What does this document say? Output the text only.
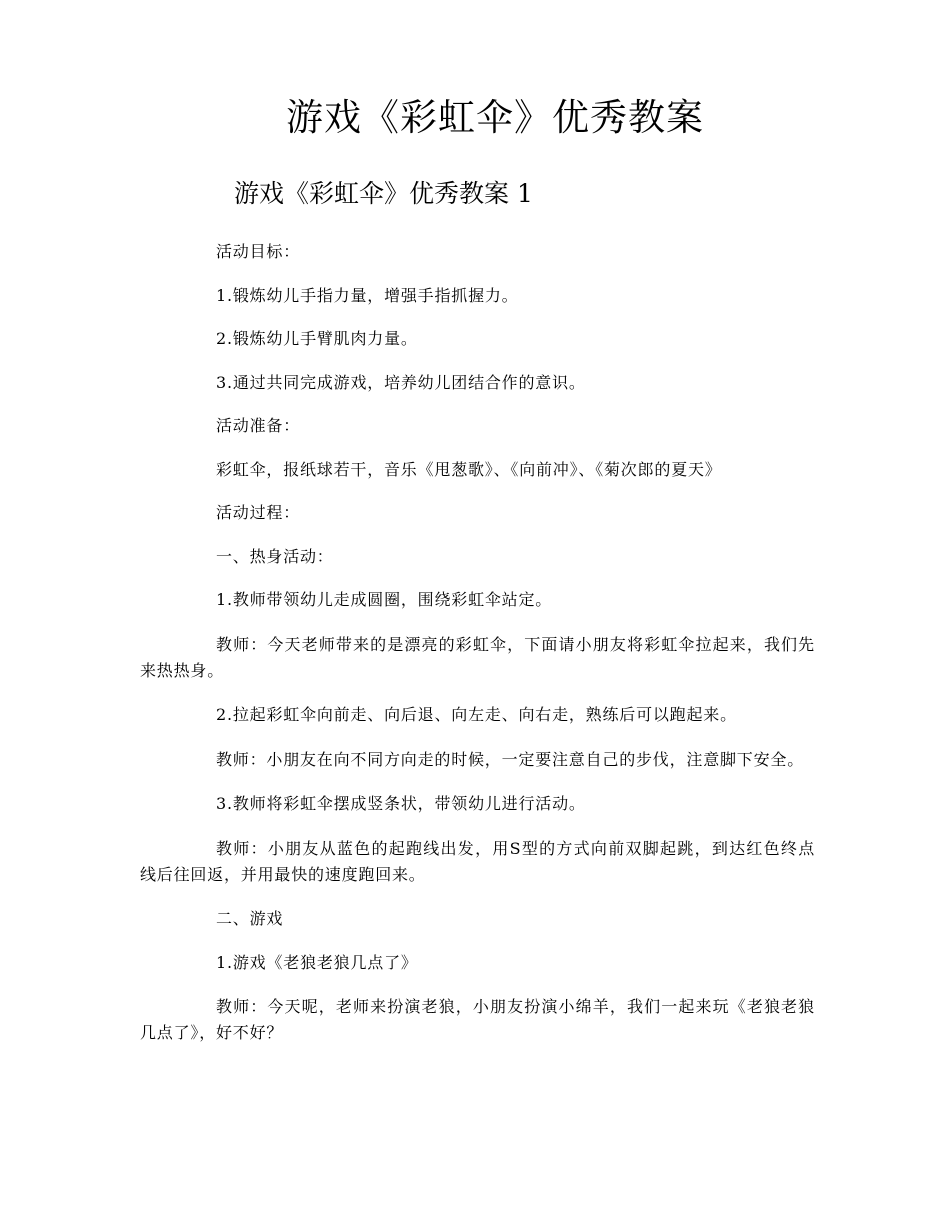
游戏《彩虹伞》优秀教案
游戏《彩虹伞》优秀教案 1

活动目标：

1.锻炼幼儿手指力量，增强手指抓握力。

2.锻炼幼儿手臂肌肉力量。

3.通过共同完成游戏，培养幼儿团结合作的意识。

活动准备：

彩虹伞，报纸球若干，音乐《甩葱歌》、《向前冲》、《菊次郎的夏天》

活动过程：

一、热身活动：

1.教师带领幼儿走成圆圈，围绕彩虹伞站定。

教师：今天老师带来的是漂亮的彩虹伞，下面请小朋友将彩虹伞拉起来，我们先来热热身。

2.拉起彩虹伞向前走、向后退、向左走、向右走，熟练后可以跑起来。

教师：小朋友在向不同方向走的时候，一定要注意自己的步伐，注意脚下安全。

3.教师将彩虹伞摆成竖条状，带领幼儿进行活动。

教师：小朋友从蓝色的起跑线出发，用S型的方式向前双脚起跳，到达红色终点线后往回返，并用最快的速度跑回来。

二、游戏

1.游戏《老狼老狼几点了》

教师：今天呢，老师来扮演老狼，小朋友扮演小绵羊，我们一起来玩《老狼老狼几点了》，好不好？
